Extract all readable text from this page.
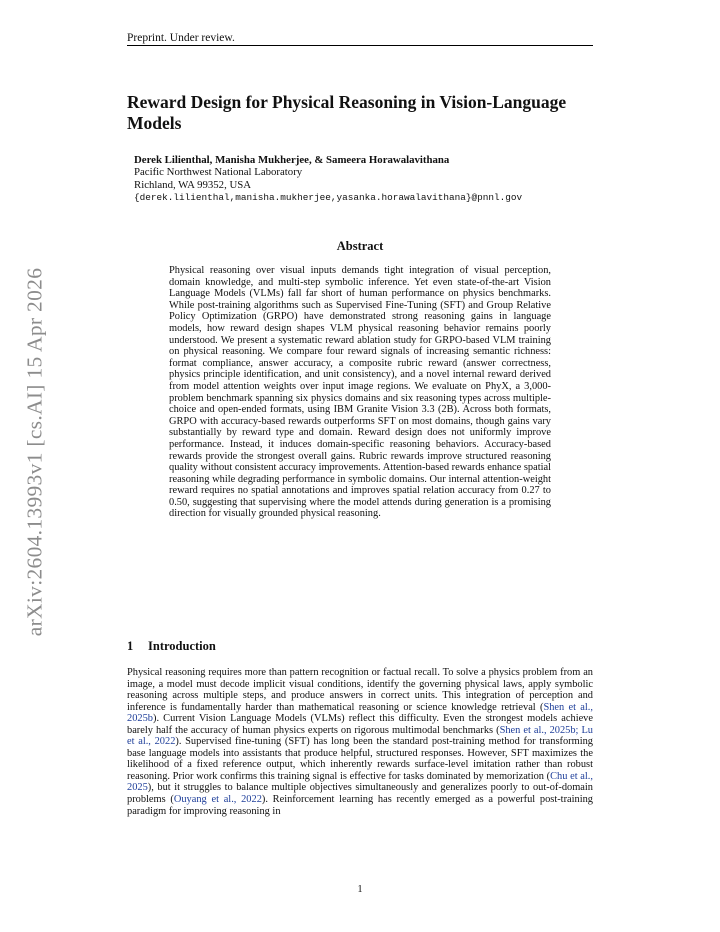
Preprint. Under review.
arXiv:2604.13993v1 [cs.AI] 15 Apr 2026
Reward Design for Physical Reasoning in Vision-Language Models
Derek Lilienthal, Manisha Mukherjee, & Sameera Horawalavithana
Pacific Northwest National Laboratory
Richland, WA 99352, USA
{derek.lilienthal,manisha.mukherjee,yasanka.horawalavithana}@pnnl.gov
Abstract

Physical reasoning over visual inputs demands tight integration of visual perception, domain knowledge, and multi-step symbolic inference. Yet even state-of-the-art Vision Language Models (VLMs) fall far short of human performance on physics benchmarks. While post-training algorithms such as Supervised Fine-Tuning (SFT) and Group Relative Policy Optimization (GRPO) have demonstrated strong reasoning gains in language models, how reward design shapes VLM physical reasoning behavior remains poorly understood. We present a systematic reward ablation study for GRPO-based VLM training on physical reasoning. We compare four reward signals of increasing semantic richness: format compliance, answer accuracy, a composite rubric reward (answer correctness, physics principle identification, and unit consistency), and a novel internal reward derived from model attention weights over input image regions. We evaluate on PhyX, a 3,000-problem benchmark spanning six physics domains and six reasoning types across multiple-choice and open-ended formats, using IBM Granite Vision 3.3 (2B). Across both formats, GRPO with accuracy-based rewards outperforms SFT on most domains, though gains vary substantially by reward type and domain. Reward design does not uniformly improve performance. Instead, it induces domain-specific reasoning behaviors. Accuracy-based rewards provide the strongest overall gains. Rubric rewards improve structured reasoning quality without consistent accuracy improvements. Attention-based rewards enhance spatial reasoning while degrading performance in symbolic domains. Our internal attention-weight reward requires no spatial annotations and improves spatial relation accuracy from 0.27 to 0.50, suggesting that supervising where the model attends during generation is a promising direction for visually grounded physical reasoning.

1 Introduction

Physical reasoning requires more than pattern recognition or factual recall. To solve a physics problem from an image, a model must decode implicit visual conditions, identify the governing physical laws, apply symbolic reasoning across multiple steps, and produce answers in correct units. This integration of perception and inference is fundamentally harder than mathematical reasoning or science knowledge retrieval (Shen et al., 2025b). Current Vision Language Models (VLMs) reflect this difficulty. Even the strongest models achieve barely half the accuracy of human physics experts on rigorous multimodal benchmarks (Shen et al., 2025b; Lu et al., 2022). Supervised fine-tuning (SFT) has long been the standard post-training method for transforming base language models into assistants that produce helpful, structured responses. However, SFT maximizes the likelihood of a fixed reference output, which inherently rewards surface-level imitation rather than robust reasoning. Prior work confirms this training signal is effective for tasks dominated by memorization (Chu et al., 2025), but it struggles to balance multiple objectives simultaneously and generalizes poorly to out-of-domain problems (Ouyang et al., 2022). Reinforcement learning has recently emerged as a powerful post-training paradigm for improving reasoning in

1
